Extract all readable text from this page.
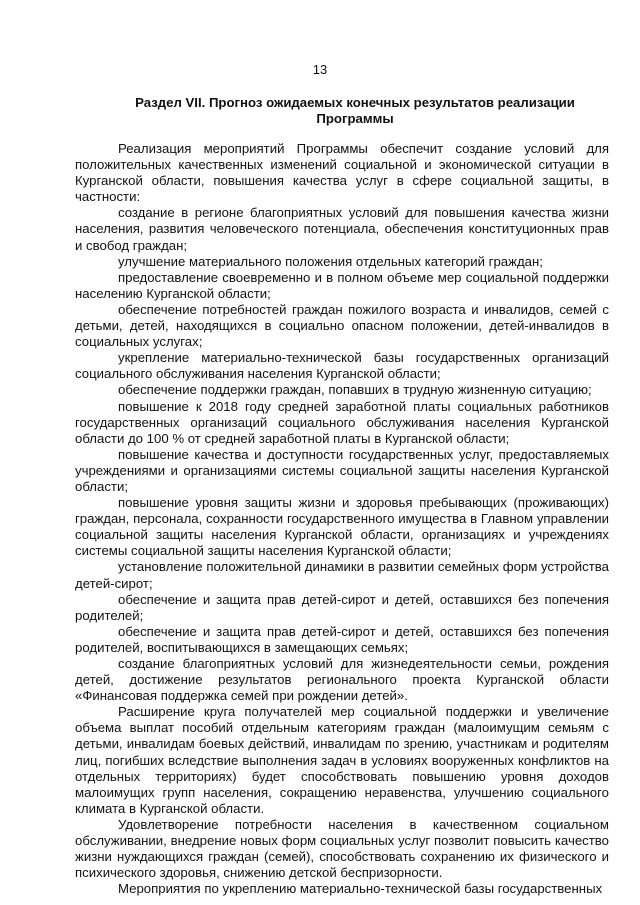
13
Раздел VII. Прогноз ожидаемых конечных результатов реализации
Программы

Реализация мероприятий Программы обеспечит создание условий для положительных качественных изменений социальной и экономической ситуации в Курганской области, повышения качества услуг в сфере социальной защиты, в частности:

создание в регионе благоприятных условий для повышения качества жизни населения, развития человеческого потенциала, обеспечения конституционных прав и свобод граждан;

улучшение материального положения отдельных категорий граждан;

предоставление своевременно и в полном объеме мер социальной поддержки населению Курганской области;

обеспечение потребностей граждан пожилого возраста и инвалидов, семей с детьми, детей, находящихся в социально опасном положении, детей-инвалидов в социальных услугах;

укрепление материально-технической базы государственных организаций социального обслуживания населения Курганской области;

обеспечение поддержки граждан, попавших в трудную жизненную ситуацию;

повышение к 2018 году средней заработной платы социальных работников государственных организаций социального обслуживания населения Курганской области до 100 % от средней заработной платы в Курганской области;

повышение качества и доступности государственных услуг, предоставляемых учреждениями и организациями системы социальной защиты населения Курганской области;

повышение уровня защиты жизни и здоровья пребывающих (проживающих) граждан, персонала, сохранности государственного имущества в Главном управлении социальной защиты населения Курганской области, организациях и учреждениях системы социальной защиты населения Курганской области;

установление положительной динамики в развитии семейных форм устройства детей-сирот;

обеспечение и защита прав детей-сирот и детей, оставшихся без попечения родителей;

обеспечение и защита прав детей-сирот и детей, оставшихся без попечения родителей, воспитывающихся в замещающих семьях;

создание благоприятных условий для жизнедеятельности семьи, рождения детей, достижение результатов регионального проекта Курганской области «Финансовая поддержка семей при рождении детей».

Расширение круга получателей мер социальной поддержки и увеличение объема выплат пособий отдельным категориям граждан (малоимущим семьям с детьми, инвалидам боевых действий, инвалидам по зрению, участникам и родителям лиц, погибших вследствие выполнения задач в условиях вооруженных конфликтов на отдельных территориях) будет способствовать повышению уровня доходов малоимущих групп населения, сокращению неравенства, улучшению социального климата в Курганской области.

Удовлетворение потребности населения в качественном социальном обслуживании, внедрение новых форм социальных услуг позволит повысить качество жизни нуждающихся граждан (семей), способствовать сохранению их физического и психического здоровья, снижению детской беспризорности.

Мероприятия по укреплению материально-технической базы государственных
